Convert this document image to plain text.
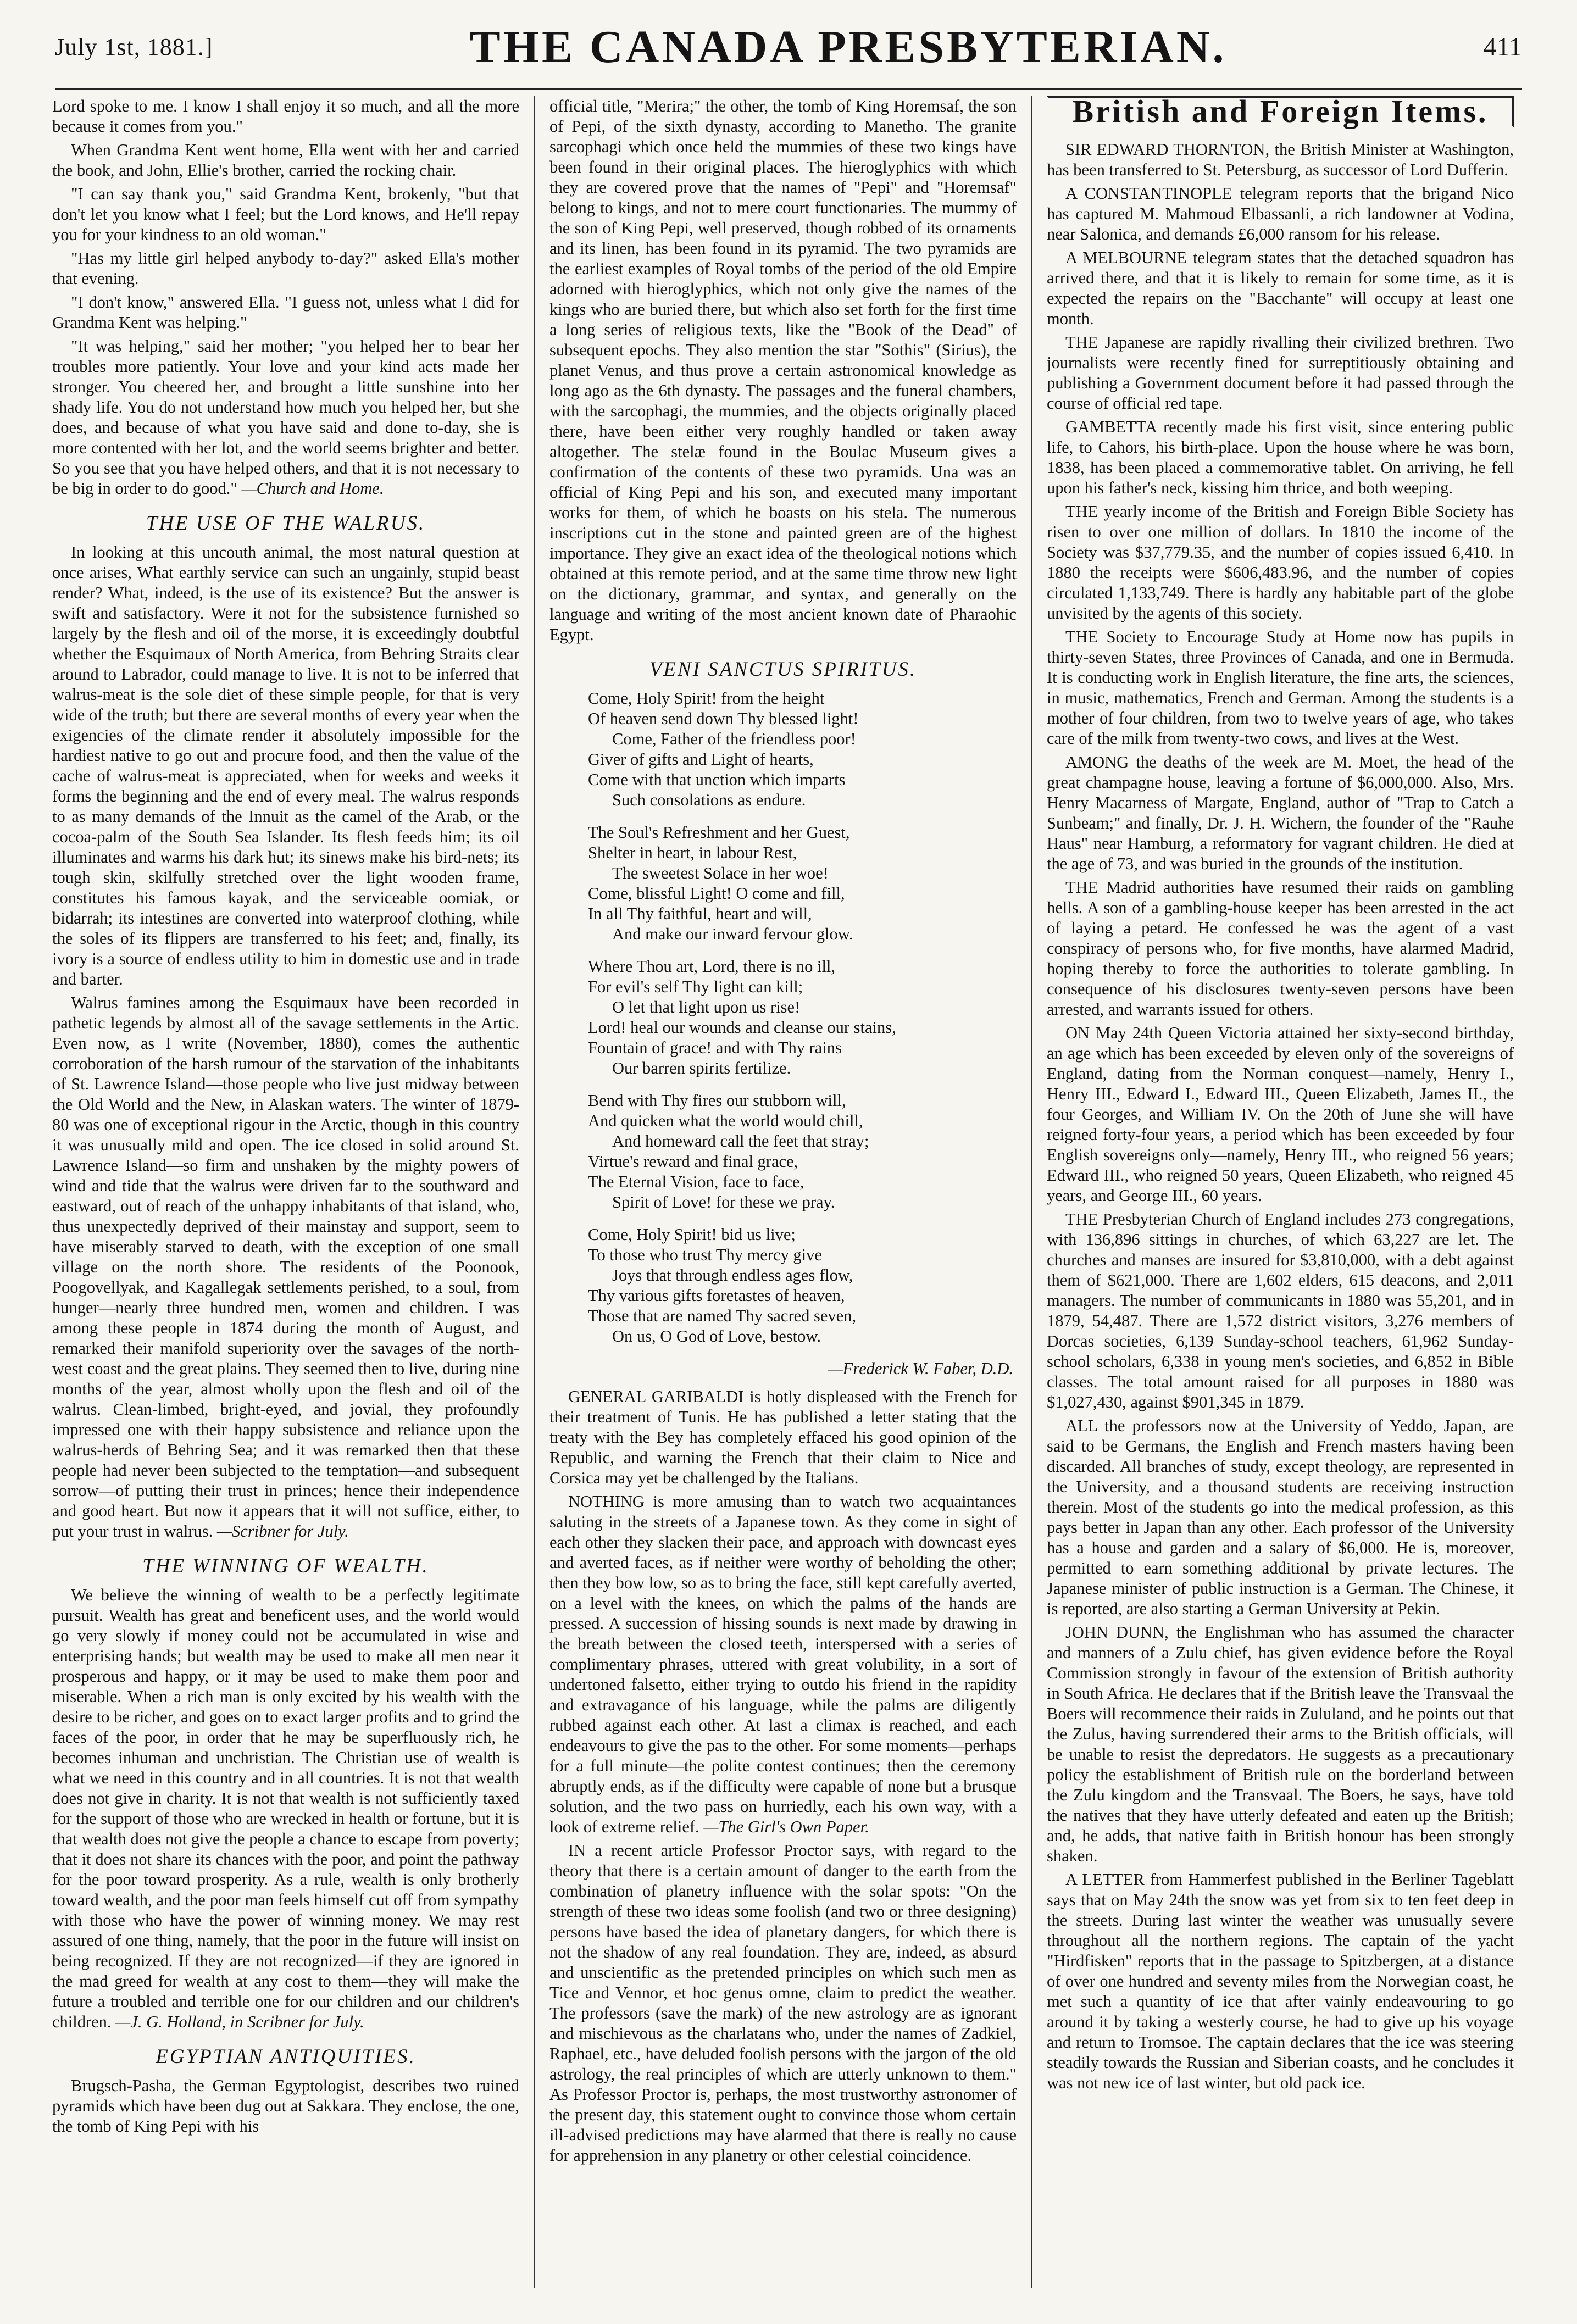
July 1st, 1881.]	THE CANADA PRESBYTERIAN.	411

Lord spoke to me. I know I shall enjoy it so much, and all the more because it comes from you."

When Grandma Kent went home, Ella went with her and carried the book, and John, Ellie's brother, carried the rocking chair.

"I can say thank you," said Grandma Kent, brokenly, "but that don't let you know what I feel; but the Lord knows, and He'll repay you for your kindness to an old woman."

"Has my little girl helped anybody to-day?" asked Ella's mother that evening.

"I don't know," answered Ella. "I guess not, unless what I did for Grandma Kent was helping."

"It was helping," said her mother; "you helped her to bear her troubles more patiently. Your love and your kind acts made her stronger. You cheered her, and brought a little sunshine into her shady life. You do not understand how much you helped her, but she does, and because of what you have said and done to-day, she is more contented with her lot, and the world seems brighter and better. So you see that you have helped others, and that it is not necessary to be big in order to do good." —Church and Home.

THE USE OF THE WALRUS.

In looking at this uncouth animal, the most natural question at once arises, What earthly service can such an ungainly, stupid beast render? What, indeed, is the use of its existence? But the answer is swift and satisfactory. Were it not for the subsistence furnished so largely by the flesh and oil of the morse, it is exceedingly doubtful whether the Esquimaux of North America, from Behring Straits clear around to Labrador, could manage to live. It is not to be inferred that walrus-meat is the sole diet of these simple people, for that is very wide of the truth; but there are several months of every year when the exigencies of the climate render it absolutely impossible for the hardiest native to go out and procure food, and then the value of the cache of walrus-meat is appreciated, when for weeks and weeks it forms the beginning and the end of every meal. The walrus responds to as many demands of the Innuit as the camel of the Arab, or the cocoa-palm of the South Sea Islander. Its flesh feeds him; its oil illuminates and warms his dark hut; its sinews make his bird-nets; its tough skin, skilfully stretched over the light wooden frame, constitutes his famous kayak, and the serviceable oomiak, or bidarrah; its intestines are converted into waterproof clothing, while the soles of its flippers are transferred to his feet; and, finally, its ivory is a source of endless utility to him in domestic use and in trade and barter.

Walrus famines among the Esquimaux have been recorded in pathetic legends by almost all of the savage settlements in the Artic. Even now, as I write (November, 1880), comes the authentic corroboration of the harsh rumour of the starvation of the inhabitants of St. Lawrence Island—those people who live just midway between the Old World and the New, in Alaskan waters. The winter of 1879-80 was one of exceptional rigour in the Arctic, though in this country it was unusually mild and open. The ice closed in solid around St. Lawrence Island—so firm and unshaken by the mighty powers of wind and tide that the walrus were driven far to the southward and eastward, out of reach of the unhappy inhabitants of that island, who, thus unexpectedly deprived of their mainstay and support, seem to have miserably starved to death, with the exception of one small village on the north shore. The residents of the Poonook, Poogovellyak, and Kagallegak settlements perished, to a soul, from hunger—nearly three hundred men, women and children. I was among these people in 1874 during the month of August, and remarked their manifold superiority over the savages of the north-west coast and the great plains. They seemed then to live, during nine months of the year, almost wholly upon the flesh and oil of the walrus. Clean-limbed, bright-eyed, and jovial, they profoundly impressed one with their happy subsistence and reliance upon the walrus-herds of Behring Sea; and it was remarked then that these people had never been subjected to the temptation—and subsequent sorrow—of putting their trust in princes; hence their independence and good heart. But now it appears that it will not suffice, either, to put your trust in walrus. —Scribner for July.

THE WINNING OF WEALTH.

We believe the winning of wealth to be a perfectly legitimate pursuit. Wealth has great and beneficent uses, and the world would go very slowly if money could not be accumulated in wise and enterprising hands; but wealth may be used to make all men near it prosperous and happy, or it may be used to make them poor and miserable. When a rich man is only excited by his wealth with the desire to be richer, and goes on to exact larger profits and to grind the faces of the poor, in order that he may be superfluously rich, he becomes inhuman and unchristian. The Christian use of wealth is what we need in this country and in all countries. It is not that wealth does not give in charity. It is not that wealth is not sufficiently taxed for the support of those who are wrecked in health or fortune, but it is that wealth does not give the people a chance to escape from poverty; that it does not share its chances with the poor, and point the pathway for the poor toward prosperity. As a rule, wealth is only brotherly toward wealth, and the poor man feels himself cut off from sympathy with those who have the power of winning money. We may rest assured of one thing, namely, that the poor in the future will insist on being recognized. If they are not recognized—if they are ignored in the mad greed for wealth at any cost to them—they will make the future a troubled and terrible one for our children and our children's children. —J. G. Holland, in Scribner for July.

EGYPTIAN ANTIQUITIES.

Brugsch-Pasha, the German Egyptologist, describes two ruined pyramids which have been dug out at Sakkara. They enclose, the one, the tomb of King Pepi with his

official title, "Merira;" the other, the tomb of King Horemsaf, the son of Pepi, of the sixth dynasty, according to Manetho. The granite sarcophagi which once held the mummies of these two kings have been found in their original places. The hieroglyphics with which they are covered prove that the names of "Pepi" and "Horemsaf" belong to kings, and not to mere court functionaries. The mummy of the son of King Pepi, well preserved, though robbed of its ornaments and its linen, has been found in its pyramid. The two pyramids are the earliest examples of Royal tombs of the period of the old Empire adorned with hieroglyphics, which not only give the names of the kings who are buried there, but which also set forth for the first time a long series of religious texts, like the "Book of the Dead" of subsequent epochs. They also mention the star "Sothis" (Sirius), the planet Venus, and thus prove a certain astronomical knowledge as long ago as the 6th dynasty. The passages and the funeral chambers, with the sarcophagi, the mummies, and the objects originally placed there, have been either very roughly handled or taken away altogether. The stelæ found in the Boulac Museum gives a confirmation of the contents of these two pyramids. Una was an official of King Pepi and his son, and executed many important works for them, of which he boasts on his stela. The numerous inscriptions cut in the stone and painted green are of the highest importance. They give an exact idea of the theological notions which obtained at this remote period, and at the same time throw new light on the dictionary, grammar, and syntax, and generally on the language and writing of the most ancient known date of Pharaohic Egypt.

VENI SANCTUS SPIRITUS.
Come, Holy Spirit! from the height
Of heaven send down Thy blessed light!
Come, Father of the friendless poor!
Giver of gifts and Light of hearts,
Come with that unction which imparts
Such consolations as endure.
The Soul's Refreshment and her Guest,
Shelter in heart, in labour Rest,
The sweetest Solace in her woe!
Come, blissful Light! O come and fill,
In all Thy faithful, heart and will,
And make our inward fervour glow.
Where Thou art, Lord, there is no ill,
For evil's self Thy light can kill;
O let that light upon us rise!
Lord! heal our wounds and cleanse our stains,
Fountain of grace! and with Thy rains
Our barren spirits fertilize.
Bend with Thy fires our stubborn will,
And quicken what the world would chill,
And homeward call the feet that stray;
Virtue's reward and final grace,
The Eternal Vision, face to face,
Spirit of Love! for these we pray.
Come, Holy Spirit! bid us live;
To those who trust Thy mercy give
Joys that through endless ages flow,
Thy various gifts foretastes of heaven,
Those that are named Thy sacred seven,
On us, O God of Love, bestow.
—Frederick W. Faber, D.D.

GENERAL GARIBALDI is hotly displeased with the French for their treatment of Tunis. He has published a letter stating that the treaty with the Bey has completely effaced his good opinion of the Republic, and warning the French that their claim to Nice and Corsica may yet be challenged by the Italians.

NOTHING is more amusing than to watch two acquaintances saluting in the streets of a Japanese town. As they come in sight of each other they slacken their pace, and approach with downcast eyes and averted faces, as if neither were worthy of beholding the other; then they bow low, so as to bring the face, still kept carefully averted, on a level with the knees, on which the palms of the hands are pressed. A succession of hissing sounds is next made by drawing in the breath between the closed teeth, interspersed with a series of complimentary phrases, uttered with great volubility, in a sort of undertoned falsetto, either trying to outdo his friend in the rapidity and extravagance of his language, while the palms are diligently rubbed against each other. At last a climax is reached, and each endeavours to give the pas to the other. For some moments—perhaps for a full minute—the polite contest continues; then the ceremony abruptly ends, as if the difficulty were capable of none but a brusque solution, and the two pass on hurriedly, each his own way, with a look of extreme relief. —The Girl's Own Paper.

IN a recent article Professor Proctor says, with regard to the theory that there is a certain amount of danger to the earth from the combination of planetry influence with the solar spots: "On the strength of these two ideas some foolish (and two or three designing) persons have based the idea of planetary dangers, for which there is not the shadow of any real foundation. They are, indeed, as absurd and unscientific as the pretended principles on which such men as Tice and Vennor, et hoc genus omne, claim to predict the weather. The professors (save the mark) of the new astrology are as ignorant and mischievous as the charlatans who, under the names of Zadkiel, Raphael, etc., have deluded foolish persons with the jargon of the old astrology, the real principles of which are utterly unknown to them." As Professor Proctor is, perhaps, the most trustworthy astronomer of the present day, this statement ought to convince those whom certain ill-advised predictions may have alarmed that there is really no cause for apprehension in any planetry or other celestial coincidence.

British and Foreign Items.

SIR EDWARD THORNTON, the British Minister at Washington, has been transferred to St. Petersburg, as successor of Lord Dufferin.

A CONSTANTINOPLE telegram reports that the brigand Nico has captured M. Mahmoud Elbassanli, a rich landowner at Vodina, near Salonica, and demands £6,000 ransom for his release.

A MELBOURNE telegram states that the detached squadron has arrived there, and that it is likely to remain for some time, as it is expected the repairs on the "Bacchante" will occupy at least one month.

THE Japanese are rapidly rivalling their civilized brethren. Two journalists were recently fined for surreptitiously obtaining and publishing a Government document before it had passed through the course of official red tape.

GAMBETTA recently made his first visit, since entering public life, to Cahors, his birth-place. Upon the house where he was born, 1838, has been placed a commemorative tablet. On arriving, he fell upon his father's neck, kissing him thrice, and both weeping.

THE yearly income of the British and Foreign Bible Society has risen to over one million of dollars. In 1810 the income of the Society was $37,779.35, and the number of copies issued 6,410. In 1880 the receipts were $606,483.96, and the number of copies circulated 1,133,749. There is hardly any habitable part of the globe unvisited by the agents of this society.

THE Society to Encourage Study at Home now has pupils in thirty-seven States, three Provinces of Canada, and one in Bermuda. It is conducting work in English literature, the fine arts, the sciences, in music, mathematics, French and German. Among the students is a mother of four children, from two to twelve years of age, who takes care of the milk from twenty-two cows, and lives at the West.

AMONG the deaths of the week are M. Moet, the head of the great champagne house, leaving a fortune of $6,000,000. Also, Mrs. Henry Macarness of Margate, England, author of "Trap to Catch a Sunbeam;" and finally, Dr. J. H. Wichern, the founder of the "Rauhe Haus" near Hamburg, a reformatory for vagrant children. He died at the age of 73, and was buried in the grounds of the institution.

THE Madrid authorities have resumed their raids on gambling hells. A son of a gambling-house keeper has been arrested in the act of laying a petard. He confessed he was the agent of a vast conspiracy of persons who, for five months, have alarmed Madrid, hoping thereby to force the authorities to tolerate gambling. In consequence of his disclosures twenty-seven persons have been arrested, and warrants issued for others.

ON May 24th Queen Victoria attained her sixty-second birthday, an age which has been exceeded by eleven only of the sovereigns of England, dating from the Norman conquest—namely, Henry I., Henry III., Edward I., Edward III., Queen Elizabeth, James II., the four Georges, and William IV. On the 20th of June she will have reigned forty-four years, a period which has been exceeded by four English sovereigns only—namely, Henry III., who reigned 56 years; Edward III., who reigned 50 years, Queen Elizabeth, who reigned 45 years, and George III., 60 years.

THE Presbyterian Church of England includes 273 congregations, with 136,896 sittings in churches, of which 63,227 are let. The churches and manses are insured for $3,810,000, with a debt against them of $621,000. There are 1,602 elders, 615 deacons, and 2,011 managers. The number of communicants in 1880 was 55,201, and in 1879, 54,487. There are 1,572 district visitors, 3,276 members of Dorcas societies, 6,139 Sunday-school teachers, 61,962 Sunday-school scholars, 6,338 in young men's societies, and 6,852 in Bible classes. The total amount raised for all purposes in 1880 was $1,027,430, against $901,345 in 1879.

ALL the professors now at the University of Yeddo, Japan, are said to be Germans, the English and French masters having been discarded. All branches of study, except theology, are represented in the University, and a thousand students are receiving instruction therein. Most of the students go into the medical profession, as this pays better in Japan than any other. Each professor of the University has a house and garden and a salary of $6,000. He is, moreover, permitted to earn something additional by private lectures. The Japanese minister of public instruction is a German. The Chinese, it is reported, are also starting a German University at Pekin.

JOHN DUNN, the Englishman who has assumed the character and manners of a Zulu chief, has given evidence before the Royal Commission strongly in favour of the extension of British authority in South Africa. He declares that if the British leave the Transvaal the Boers will recommence their raids in Zululand, and he points out that the Zulus, having surrendered their arms to the British officials, will be unable to resist the depredators. He suggests as a precautionary policy the establishment of British rule on the borderland between the Zulu kingdom and the Transvaal. The Boers, he says, have told the natives that they have utterly defeated and eaten up the British; and, he adds, that native faith in British honour has been strongly shaken.

A LETTER from Hammerfest published in the Berliner Tageblatt says that on May 24th the snow was yet from six to ten feet deep in the streets. During last winter the weather was unusually severe throughout all the northern regions. The captain of the yacht "Hirdfisken" reports that in the passage to Spitzbergen, at a distance of over one hundred and seventy miles from the Norwegian coast, he met such a quantity of ice that after vainly endeavouring to go around it by taking a westerly course, he had to give up his voyage and return to Tromsoe. The captain declares that the ice was steering steadily towards the Russian and Siberian coasts, and he concludes it was not new ice of last winter, but old pack ice.
